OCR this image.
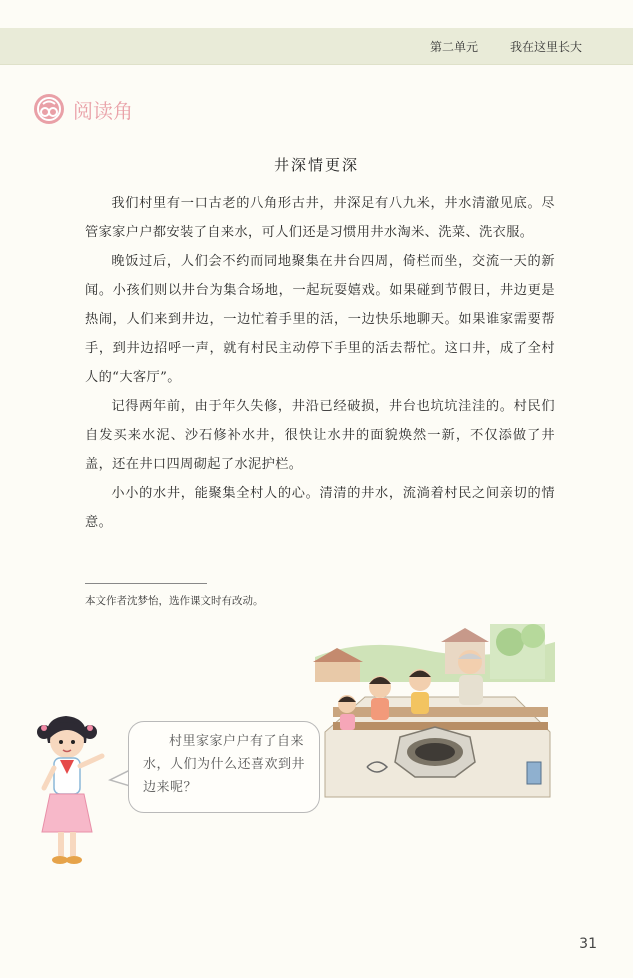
第二单元	我在这里长大
阅读角
井深情更深

我们村里有一口古老的八角形古井，井深足有八九米，井水清澈见底。尽管家家户户都安装了自来水，可人们还是习惯用井水淘米、洗菜、洗衣服。

晚饭过后，人们会不约而同地聚集在井台四周，倚栏而坐，交流一天的新闻。小孩们则以井台为集合场地，一起玩耍嬉戏。如果碰到节假日，井边更是热闹，人们来到井边，一边忙着手里的活，一边快乐地聊天。如果谁家需要帮手，到井边招呼一声，就有村民主动停下手里的活去帮忙。这口井，成了全村人的“大客厅”。

记得两年前，由于年久失修，井沿已经破损，井台也坑坑洼洼的。村民们自发买来水泥、沙石修补水井，很快让水井的面貌焕然一新，不仅添做了井盖，还在井口四周砌起了水泥护栏。

小小的水井，能聚集全村人的心。清清的井水，流淌着村民之间亲切的情意。

本文作者沈梦怡，选作课文时有改动。
村里家家户户有了自来水，人们为什么还喜欢到井边来呢？
31
